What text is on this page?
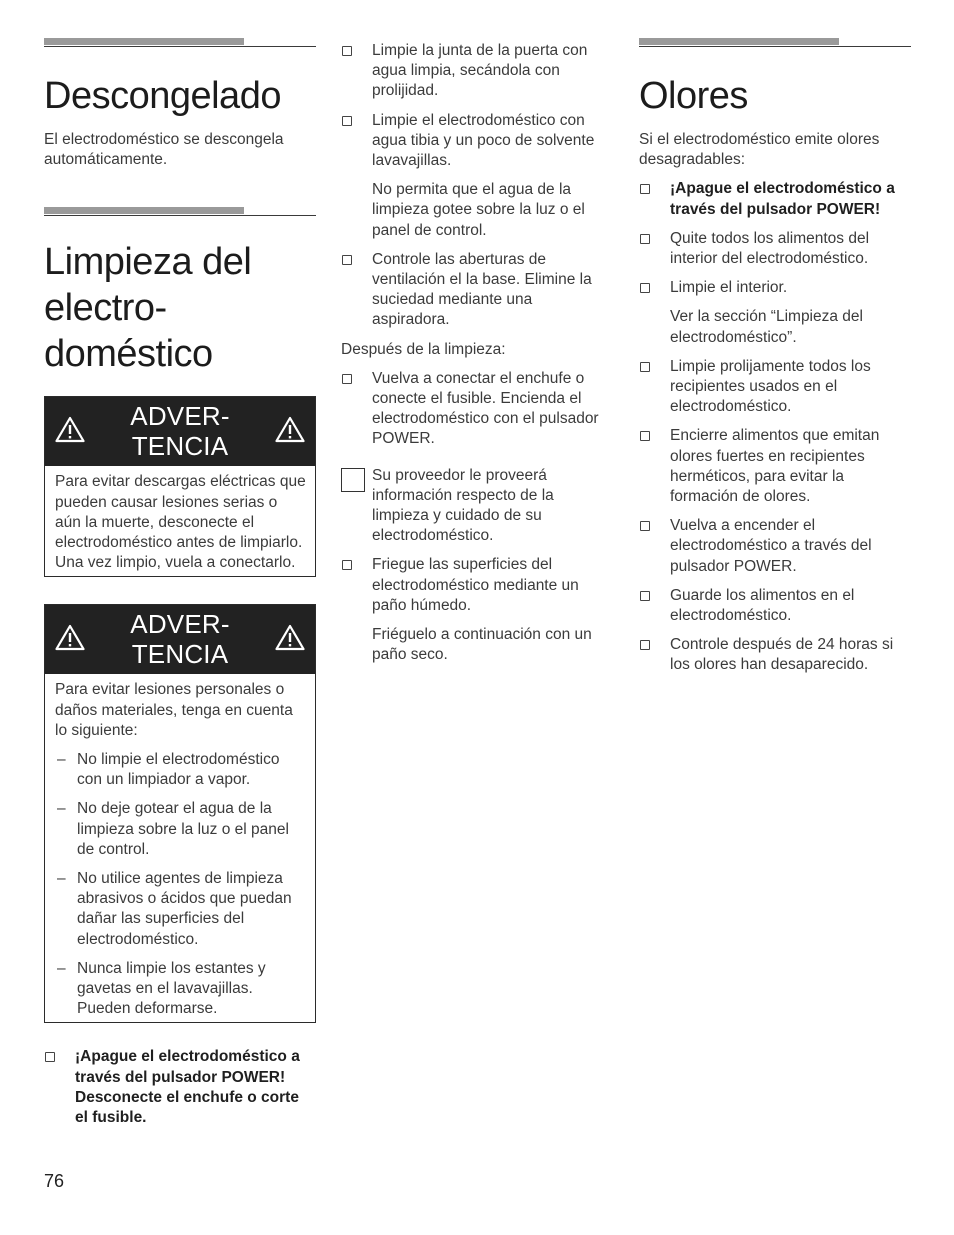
Descongelado

El electrodoméstico se descongela automáticamente.

Limpieza del
electro-
doméstico
ADVER-
TENCIA

Para evitar descargas eléctricas que pueden causar lesiones serias o aún la muerte, desconecte el electrodoméstico antes de limpiarlo. Una vez limpio, vuela a conectarlo.

ADVER-
TENCIA

Para evitar lesiones personales o daños materiales, tenga en cuenta lo siguiente:

– No limpie el electrodoméstico con un limpiador a vapor.
– No deje gotear el agua de la limpieza sobre la luz o el panel de control.
– No utilice agentes de limpieza abrasivos o ácidos que puedan dañar las superficies del electrodoméstico.
– Nunca limpie los estantes y gavetas en el lavavajillas. Pueden deformarse.
¡Apague el electrodoméstico a través del pulsador POWER! Desconecte el enchufe o corte el fusible.
Limpie la junta de la puerta con agua limpia, secándola con prolijidad.
Limpie el electrodoméstico con agua tibia y un poco de solvente lavavajillas.
No permita que el agua de la limpieza gotee sobre la luz o el panel de control.
Controle las aberturas de ventilación el la base. Elimine la suciedad mediante una aspiradora.

Después de la limpieza:

Vuelva a conectar el enchufe o conecte el fusible. Encienda el electrodoméstico con el pulsador POWER.
Su proveedor le proveerá información respecto de la limpieza y cuidado de su electrodoméstico.
Friegue las superficies del electrodoméstico mediante un paño húmedo.
Friéguelo a continuación con un paño seco.
Olores

Si el electrodoméstico emite olores desagradables:

¡Apague el electrodoméstico a través del pulsador POWER!
Quite todos los alimentos del interior del electrodoméstico.
Limpie el interior.
Ver la sección “Limpieza del electrodoméstico”.
Limpie prolijamente todos los recipientes usados en el electrodoméstico.
Encierre alimentos que emitan olores fuertes en recipientes herméticos, para evitar la formación de olores.
Vuelva a encender el electrodoméstico a través del pulsador POWER.
Guarde los alimentos en el electrodoméstico.
Controle después de 24 horas si los olores han desaparecido.
76
